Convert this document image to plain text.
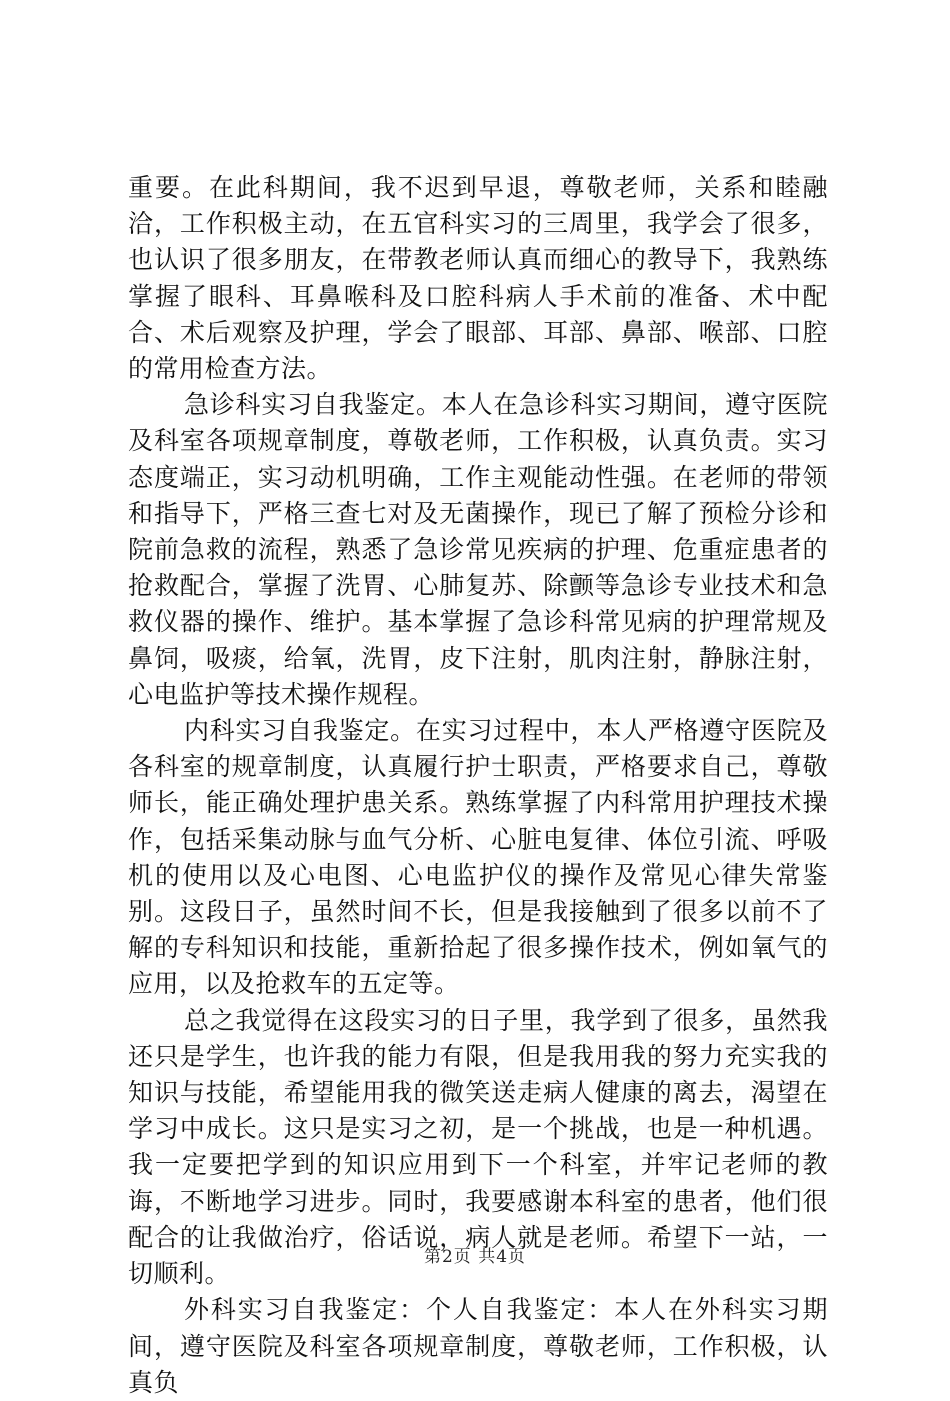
重要。在此科期间，我不迟到早退，尊敬老师，关系和睦融洽，工作积极主动，在五官科实习的三周里，我学会了很多，也认识了很多朋友，在带教老师认真而细心的教导下，我熟练掌握了眼科、耳鼻喉科及口腔科病人手术前的准备、术中配合、术后观察及护理，学会了眼部、耳部、鼻部、喉部、口腔的常用检查方法。

急诊科实习自我鉴定。本人在急诊科实习期间，遵守医院及科室各项规章制度，尊敬老师，工作积极，认真负责。实习态度端正，实习动机明确，工作主观能动性强。在老师的带领和指导下，严格三查七对及无菌操作，现已了解了预检分诊和院前急救的流程，熟悉了急诊常见疾病的护理、危重症患者的抢救配合，掌握了洗胃、心肺复苏、除颤等急诊专业技术和急救仪器的操作、维护。基本掌握了急诊科常见病的护理常规及鼻饲，吸痰，给氧，洗胃，皮下注射，肌肉注射，静脉注射，心电监护等技术操作规程。

内科实习自我鉴定。在实习过程中，本人严格遵守医院及各科室的规章制度，认真履行护士职责，严格要求自己，尊敬师长，能正确处理护患关系。熟练掌握了内科常用护理技术操作，包括采集动脉与血气分析、心脏电复律、体位引流、呼吸机的使用以及心电图、心电监护仪的操作及常见心律失常鉴别。这段日子，虽然时间不长，但是我接触到了很多以前不了解的专科知识和技能，重新拾起了很多操作技术，例如氧气的应用，以及抢救车的五定等。

总之我觉得在这段实习的日子里，我学到了很多，虽然我还只是学生，也许我的能力有限，但是我用我的努力充实我的知识与技能，希望能用我的微笑送走病人健康的离去，渴望在学习中成长。这只是实习之初，是一个挑战，也是一种机遇。我一定要把学到的知识应用到下一个科室，并牢记老师的教诲，不断地学习进步。同时，我要感谢本科室的患者，他们很配合的让我做治疗，俗话说，病人就是老师。希望下一站，一切顺利。

外科实习自我鉴定：个人自我鉴定：本人在外科实习期间，遵守医院及科室各项规章制度，尊敬老师，工作积极，认真负

第2页 共4页
